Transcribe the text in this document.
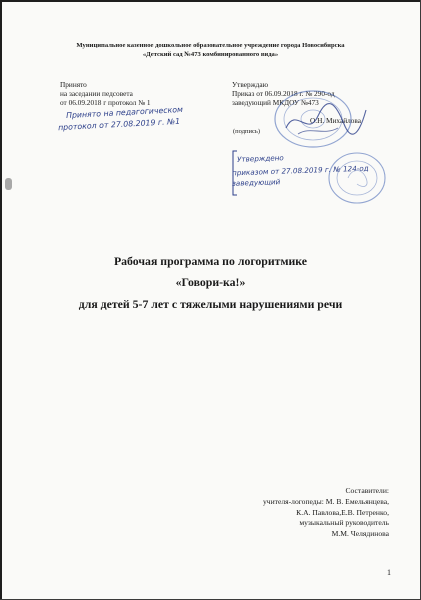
Муниципальное казенное дошкольное образовательное учреждение города Новосибирска
«Детский сад №473 комбинированного вида»
Принято
на заседании педсовета
от 06.09.2018 г протокол № 1
Утверждаю
Приказ от 06.09.2018 г. № 290-од
заведующий МКДОУ №473
О.Н. Михайлова
(подпись)
Принято на педагогическом
протокол от 27.08.2019 г. №1
Утверждено
приказом от 27.08.2019 г. № 124-од
заведующий
Рабочая программа по логоритмике
«Говори-ка!»
для детей 5-7 лет с тяжелыми нарушениями речи
Составители:
учителя-логопеды: М. В. Емельянцева,
К.А. Павлова,Е.В. Петренко,
музыкальный руководитель
М.М. Челядинова
1
